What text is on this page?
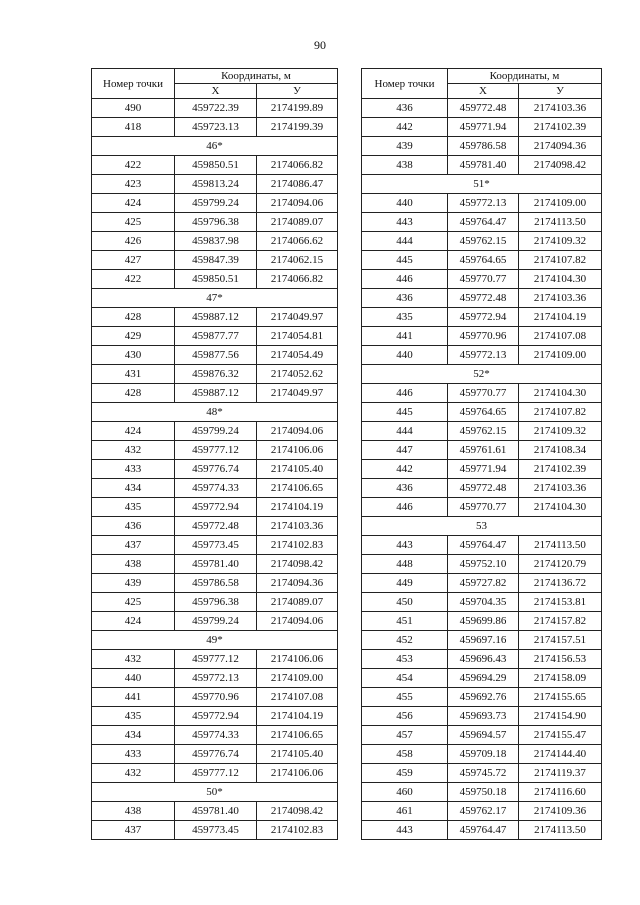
90
Номер точки	Координаты, м	
	X	У
490	459722.39	2174199.89
418	459723.13	2174199.39
46*		
422	459850.51	2174066.82
423	459813.24	2174086.47
424	459799.24	2174094.06
425	459796.38	2174089.07
426	459837.98	2174066.62
427	459847.39	2174062.15
422	459850.51	2174066.82
47*		
428	459887.12	2174049.97
429	459877.77	2174054.81
430	459877.56	2174054.49
431	459876.32	2174052.62
428	459887.12	2174049.97
48*		
424	459799.24	2174094.06
432	459777.12	2174106.06
433	459776.74	2174105.40
434	459774.33	2174106.65
435	459772.94	2174104.19
436	459772.48	2174103.36
437	459773.45	2174102.83
438	459781.40	2174098.42
439	459786.58	2174094.36
425	459796.38	2174089.07
424	459799.24	2174094.06
49*		
432	459777.12	2174106.06
440	459772.13	2174109.00
441	459770.96	2174107.08
435	459772.94	2174104.19
434	459774.33	2174106.65
433	459776.74	2174105.40
432	459777.12	2174106.06
50*		
438	459781.40	2174098.42
437	459773.45	2174102.83
Номер точки	Координаты, м	
	X	У
436	459772.48	2174103.36
442	459771.94	2174102.39
439	459786.58	2174094.36
438	459781.40	2174098.42
51*		
440	459772.13	2174109.00
443	459764.47	2174113.50
444	459762.15	2174109.32
445	459764.65	2174107.82
446	459770.77	2174104.30
436	459772.48	2174103.36
435	459772.94	2174104.19
441	459770.96	2174107.08
440	459772.13	2174109.00
52*		
446	459770.77	2174104.30
445	459764.65	2174107.82
444	459762.15	2174109.32
447	459761.61	2174108.34
442	459771.94	2174102.39
436	459772.48	2174103.36
446	459770.77	2174104.30
53		
443	459764.47	2174113.50
448	459752.10	2174120.79
449	459727.82	2174136.72
450	459704.35	2174153.81
451	459699.86	2174157.82
452	459697.16	2174157.51
453	459696.43	2174156.53
454	459694.29	2174158.09
455	459692.76	2174155.65
456	459693.73	2174154.90
457	459694.57	2174155.47
458	459709.18	2174144.40
459	459745.72	2174119.37
460	459750.18	2174116.60
461	459762.17	2174109.36
443	459764.47	2174113.50
